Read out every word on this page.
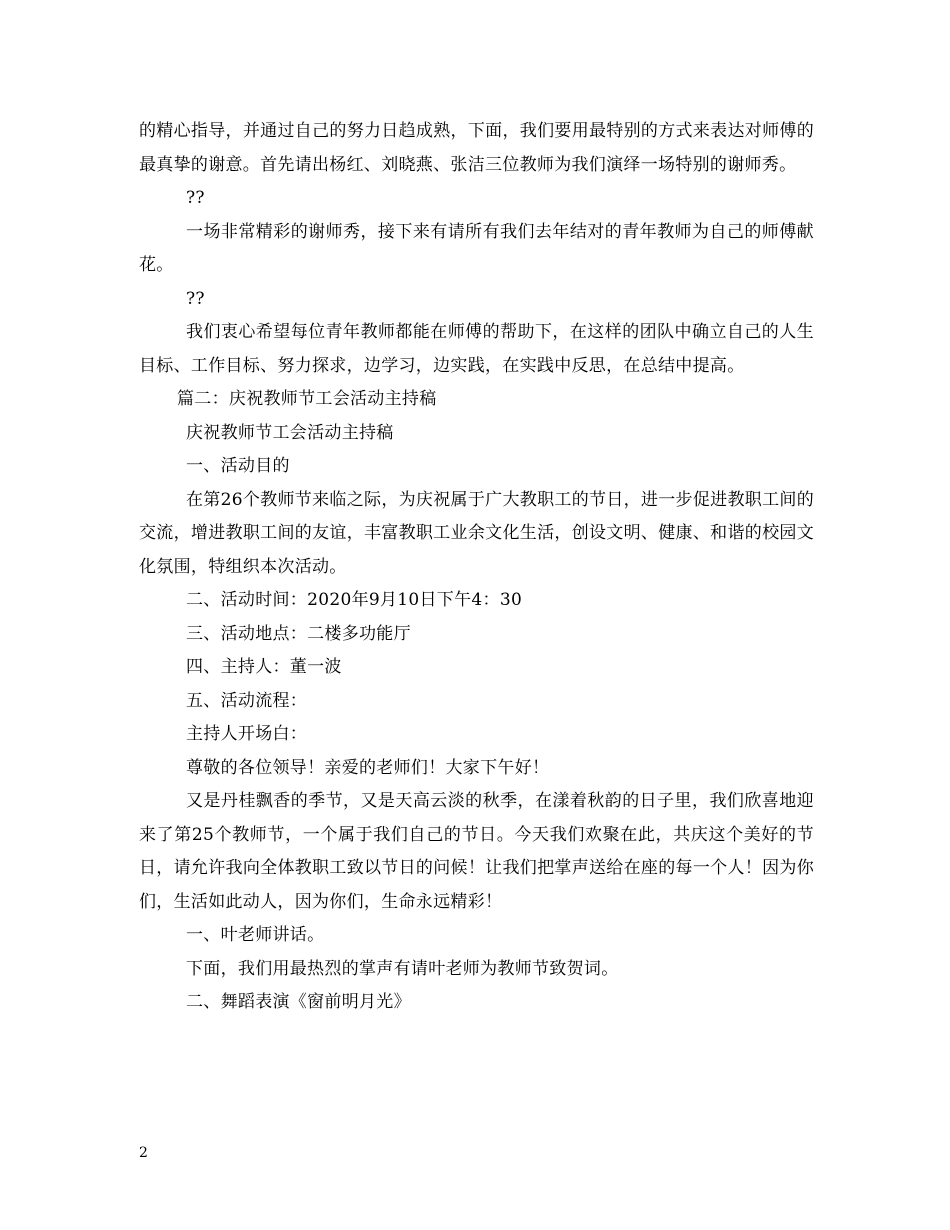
的精心指导，并通过自己的努力日趋成熟，下面，我们要用最特别的方式来表达对师傅的最真挚的谢意。首先请出杨红、刘晓燕、张洁三位教师为我们演绎一场特别的谢师秀。

??

一场非常精彩的谢师秀，接下来有请所有我们去年结对的青年教师为自己的师傅献花。

??

我们衷心希望每位青年教师都能在师傅的帮助下，在这样的团队中确立自己的人生目标、工作目标、努力探求，边学习，边实践，在实践中反思，在总结中提高。

篇二：庆祝教师节工会活动主持稿

庆祝教师节工会活动主持稿

一、活动目的

在第26个教师节来临之际，为庆祝属于广大教职工的节日，进一步促进教职工间的交流，增进教职工间的友谊，丰富教职工业余文化生活，创设文明、健康、和谐的校园文化氛围，特组织本次活动。

二、活动时间：2020年9月10日下午4：30

三、活动地点：二楼多功能厅

四、主持人：董一波

五、活动流程：

主持人开场白：

尊敬的各位领导！亲爱的老师们！大家下午好！

又是丹桂飘香的季节，又是天高云淡的秋季，在漾着秋韵的日子里，我们欣喜地迎来了第25个教师节，一个属于我们自己的节日。今天我们欢聚在此，共庆这个美好的节日，请允许我向全体教职工致以节日的问候！让我们把掌声送给在座的每一个人！因为你们，生活如此动人，因为你们，生命永远精彩！

一、叶老师讲话。

下面，我们用最热烈的掌声有请叶老师为教师节致贺词。

二、舞蹈表演《窗前明月光》

2
